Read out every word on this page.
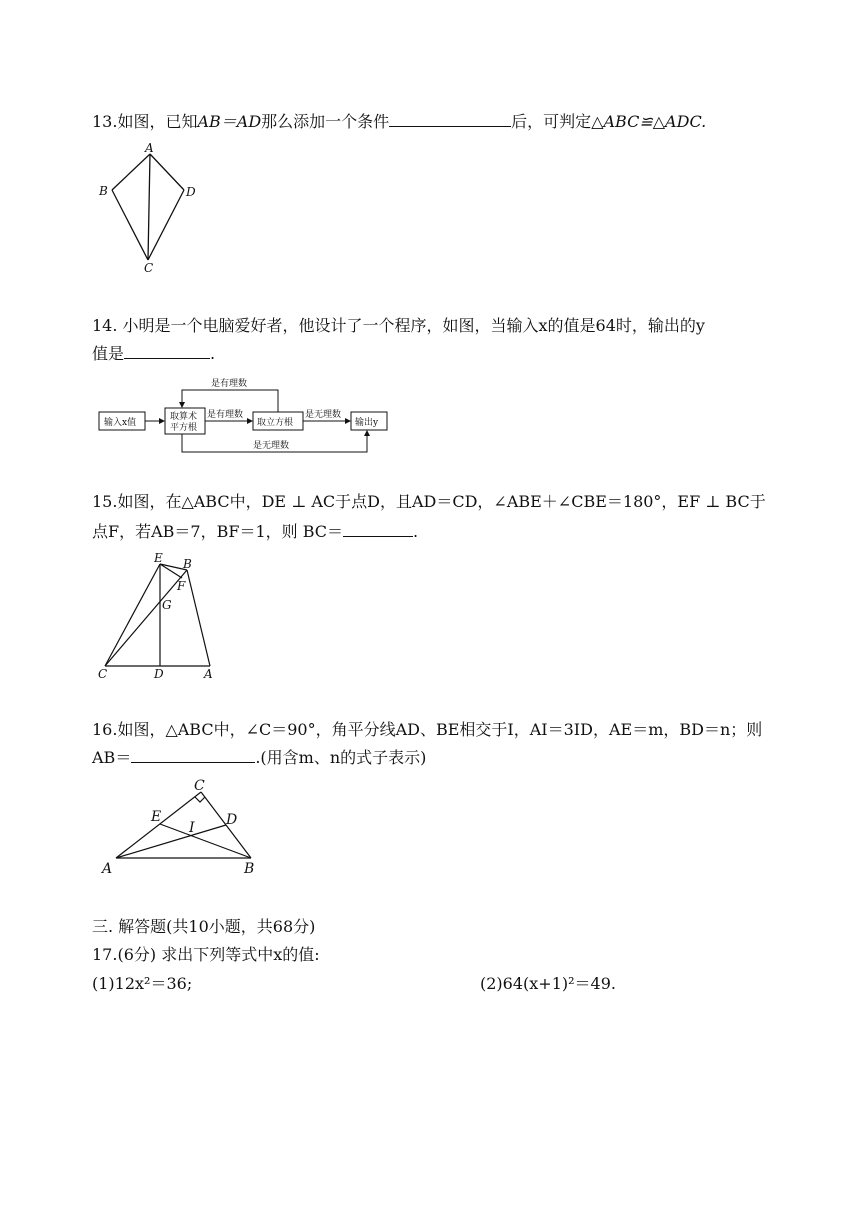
13.如图，已知AB＝AD那么添加一个条件	后，可判定△ABC≌△ADC.
A
B	D
C
14. 小明是一个电脑爱好者，他设计了一个程序，如图，当输入x的值是64时，输出的y
值是	.
输入x值
取算术
平方根	取立方根	输出y
是有理数
是有理数	是无理数
是无理数
15.如图，在△ABC中，DE ⊥ AC于点D，且AD＝CD，∠ABE＋∠CBE＝180°，EF ⊥ BC于
点F，若AB＝7，BF＝1，则 BC＝	.
E B
F
G
C	D	A
16.如图，△ABC中，∠C＝90°，角平分线AD、BE相交于I，AI＝3ID，AE＝m，BD＝n；则
AB＝	.(用含m、n的式子表示)
C
E	D
I
A	B
三. 解答题(共10小题，共68分)
17.(6分) 求出下列等式中x的值:
(1)12x²＝36;	(2)64(x+1)²＝49.
